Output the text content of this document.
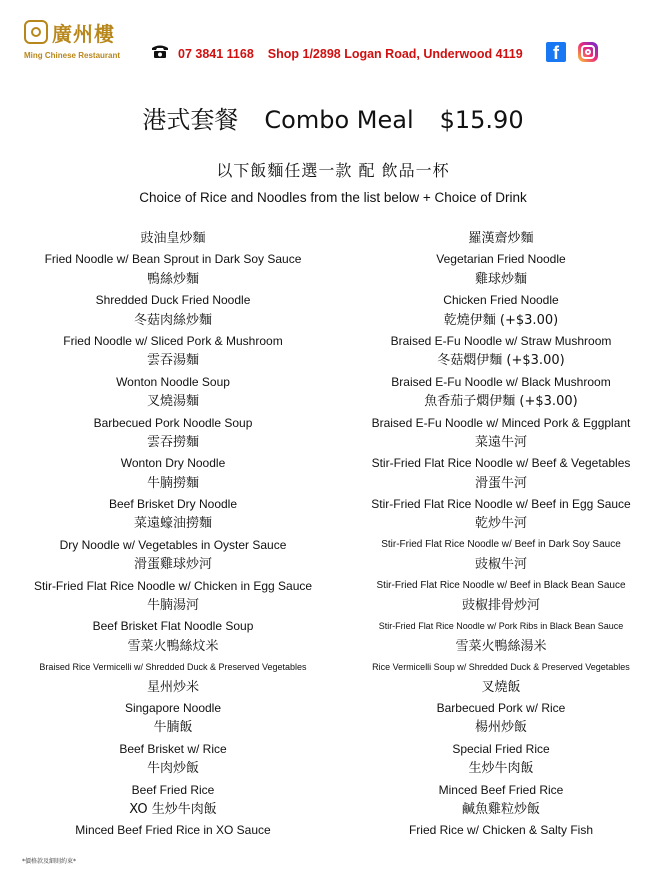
廣州樓
Ming Chinese Restaurant	07 3841 1168 Shop 1/2898 Logan Road, Underwood 4119	f
港式套餐 Combo Meal $15.90
以下飯麵任選一款 配 飲品一杯
Choice of Rice and Noodles from the list below + Choice of Drink
豉油皇炒麵
Fried Noodle w/ Bean Sprout in Dark Soy Sauce
鴨絲炒麵
Shredded Duck Fried Noodle
冬菇肉絲炒麵
Fried Noodle w/ Sliced Pork & Mushroom
雲吞湯麵
Wonton Noodle Soup
叉燒湯麵
Barbecued Pork Noodle Soup
雲吞撈麵
Wonton Dry Noodle
牛腩撈麵
Beef Brisket Dry Noodle
菜遠蠔油撈麵
Dry Noodle w/ Vegetables in Oyster Sauce
滑蛋雞球炒河
Stir-Fried Flat Rice Noodle w/ Chicken in Egg Sauce
牛腩湯河
Beef Brisket Flat Noodle Soup
雪菜火鴨絲炆米
Braised Rice Vermicelli w/ Shredded Duck & Preserved Vegetables
星州炒米
Singapore Noodle
牛腩飯
Beef Brisket w/ Rice
牛肉炒飯
Beef Fried Rice
XO 生炒牛肉飯
Minced Beef Fried Rice in XO Sauce
羅漢齋炒麵
Vegetarian Fried Noodle
雞球炒麵
Chicken Fried Noodle
乾燒伊麵 (+$3.00)
Braised E-Fu Noodle w/ Straw Mushroom
冬菇燜伊麵 (+$3.00)
Braised E-Fu Noodle w/ Black Mushroom
魚香茄子燜伊麵 (+$3.00)
Braised E-Fu Noodle w/ Minced Pork & Eggplant
菜遠牛河
Stir-Fried Flat Rice Noodle w/ Beef & Vegetables
滑蛋牛河
Stir-Fried Flat Rice Noodle w/ Beef in Egg Sauce
乾炒牛河
Stir-Fried Flat Rice Noodle w/ Beef in Dark Soy Sauce
豉椒牛河
Stir-Fried Flat Rice Noodle w/ Beef in Black Bean Sauce
豉椒排骨炒河
Stir-Fried Flat Rice Noodle w/ Pork Ribs in Black Bean Sauce
雪菜火鴨絲湯米
Rice Vermicelli Soup w/ Shredded Duck & Preserved Vegetables
叉燒飯
Barbecued Pork w/ Rice
楊州炒飯
Special Fried Rice
生炒牛肉飯
Minced Beef Fried Rice
鹹魚雞粒炒飯
Fried Rice w/ Chicken & Salty Fish
*價格款及細則約束*
